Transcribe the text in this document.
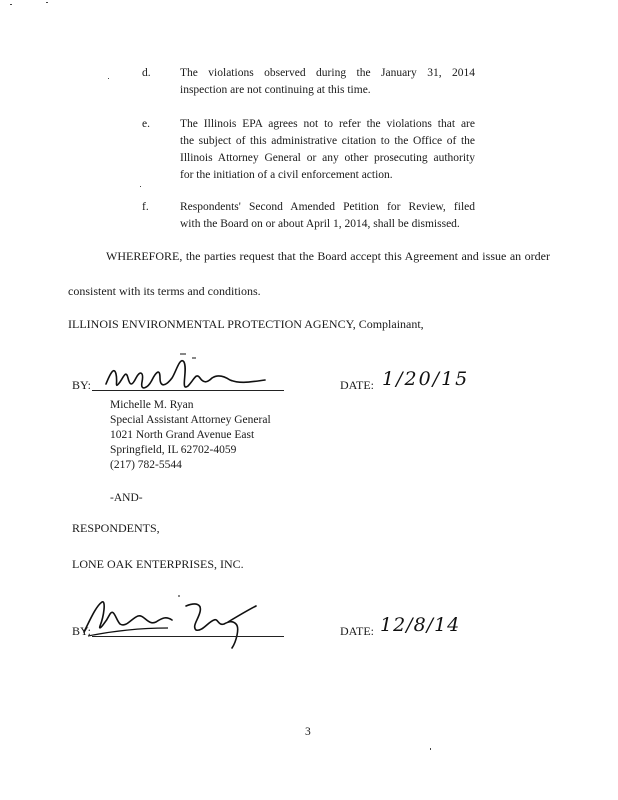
d.	The violations observed during the January 31, 2014
inspection are not continuing at this time.
e.	The Illinois EPA agrees not to refer the violations that are
the subject of this administrative citation to the Office of the
Illinois Attorney General or any other prosecuting authority
for the initiation of a civil enforcement action.
f.	Respondents' Second Amended Petition for Review, filed
with the Board on or about April 1, 2014, shall be dismissed.
WHEREFORE, the parties request that the Board accept this Agreement and issue an order
consistent with its terms and conditions.
ILLINOIS ENVIRONMENTAL PROTECTION AGENCY, Complainant,
BY:	DATE: 1/20/15
Michelle M. Ryan
Special Assistant Attorney General
1021 North Grand Avenue East
Springfield, IL 62702-4059
(217) 782-5544
-AND-
RESPONDENTS,
LONE OAK ENTERPRISES, INC.
BY:	DATE: 12/8/14
3
